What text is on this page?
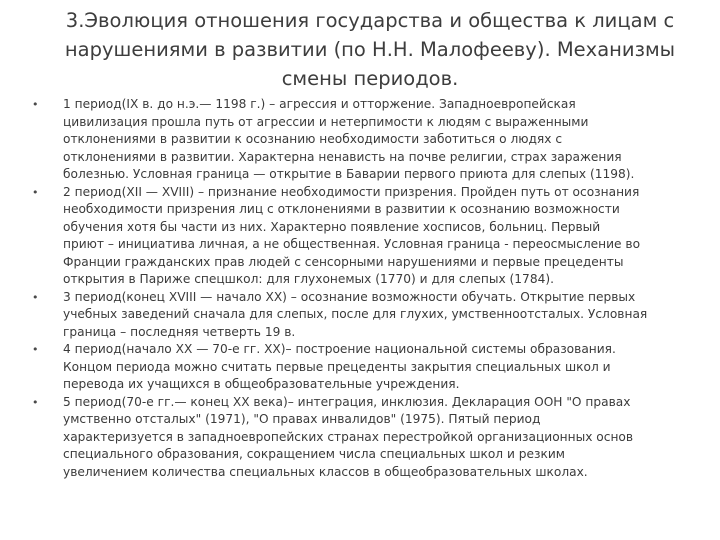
3.Эволюция отношения государства и общества к лицам с
нарушениями в развитии (по Н.Н. Малофееву). Механизмы
смены периодов.
• 1 период(IX в. до н.э.— 1198 г.) – агрессия и отторжение. Западноевропейская
цивилизация прошла путь от агрессии и нетерпимости к людям с выраженными
отклонениями в развитии к осознанию необходимости заботиться о людях с
отклонениями в развитии. Характерна ненависть на почве религии, страх заражения
болезнью. Условная граница — открытие в Баварии первого приюта для слепых (1198).
• 2 период(XII — XVIII) – признание необходимости призрения. Пройден путь от осознания
необходимости призрения лиц с отклонениями в развитии к осознанию возможности
обучения хотя бы части из них. Характерно появление хосписов, больниц. Первый
приют – инициатива личная, а не общественная. Условная граница - переосмысление во
Франции гражданских прав людей с сенсорными нарушениями и первые прецеденты
открытия в Париже спецшкол: для глухонемых (1770) и для слепых (1784).
• 3 период(конец XVIII — начало XX) – осознание возможности обучать. Открытие первых
учебных заведений сначала для слепых, после для глухих, умственноотсталых. Условная
граница – последняя четверть 19 в.
• 4 период(начало XX — 70-е гг. XX)– построение национальной системы образования.
Концом периода можно считать первые прецеденты закрытия специальных школ и
перевода их учащихся в общеобразовательные учреждения.
• 5 период(70-е гг.— конец XX века)– интеграция, инклюзия. Декларация ООН "О правах
умственно отсталых" (1971), "О правах инвалидов" (1975). Пятый период
характеризуется в западноевропейских странах перестройкой организационных основ
специального образования, сокращением числа специальных школ и резким
увеличением количества специальных классов в общеобразовательных школах.
